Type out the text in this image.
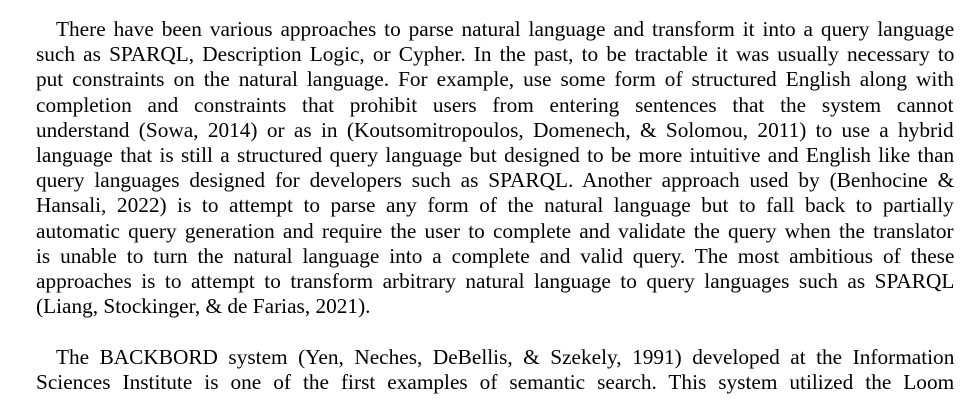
There have been various approaches to parse natural language and transform it into a query language
such as SPARQL, Description Logic, or Cypher. In the past, to be tractable it was usually necessary to
put constraints on the natural language. For example, use some form of structured English along with
completion and constraints that prohibit users from entering sentences that the system cannot
understand (Sowa, 2014) or as in (Koutsomitropoulos, Domenech, & Solomou, 2011) to use a hybrid
language that is still a structured query language but designed to be more intuitive and English like than
query languages designed for developers such as SPARQL. Another approach used by (Benhocine &
Hansali, 2022) is to attempt to parse any form of the natural language but to fall back to partially
automatic query generation and require the user to complete and validate the query when the translator
is unable to turn the natural language into a complete and valid query. The most ambitious of these
approaches is to attempt to transform arbitrary natural language to query languages such as SPARQL
(Liang, Stockinger, & de Farias, 2021).
The BACKBORD system (Yen, Neches, DeBellis, & Szekely, 1991) developed at the Information
Sciences Institute is one of the first examples of semantic search. This system utilized the Loom
